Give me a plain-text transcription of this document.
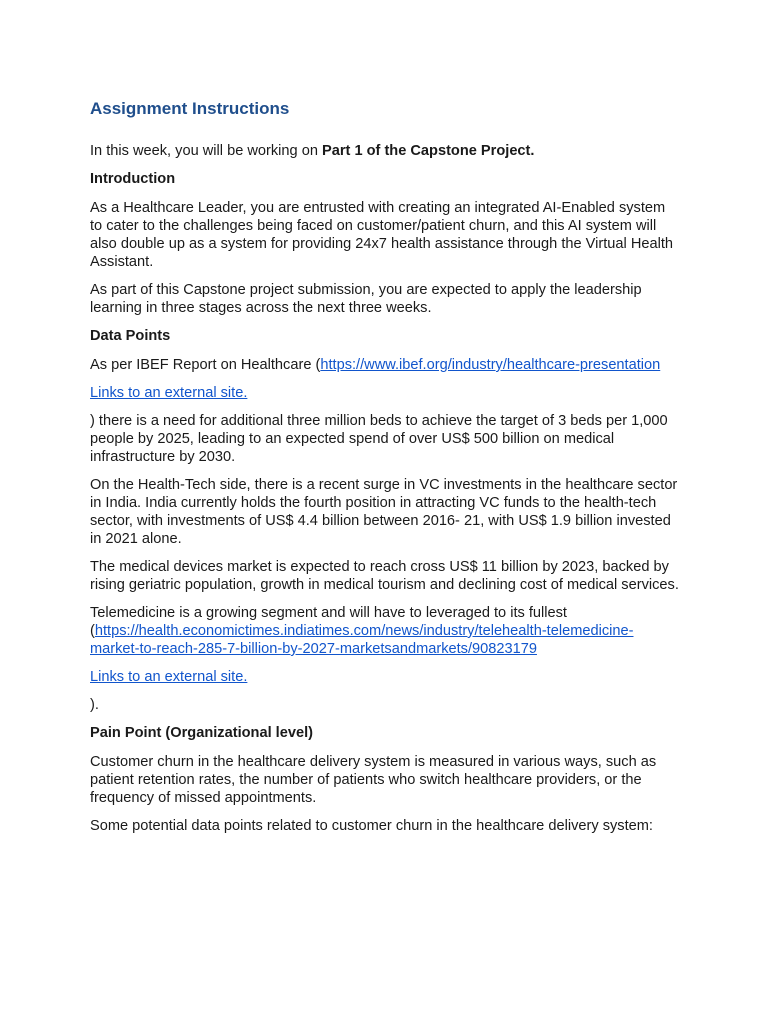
Assignment Instructions

In this week, you will be working on Part 1 of the Capstone Project.

Introduction

As a Healthcare Leader, you are entrusted with creating an integrated AI-Enabled system to cater to the challenges being faced on customer/patient churn, and this AI system will also double up as a system for providing 24x7 health assistance through the Virtual Health Assistant.

As part of this Capstone project submission, you are expected to apply the leadership learning in three stages across the next three weeks.

Data Points

As per IBEF Report on Healthcare (https://www.ibef.org/industry/healthcare-presentation

Links to an external site.

) there is a need for additional three million beds to achieve the target of 3 beds per 1,000 people by 2025, leading to an expected spend of over US$ 500 billion on medical infrastructure by 2030.

On the Health-Tech side, there is a recent surge in VC investments in the healthcare sector in India. India currently holds the fourth position in attracting VC funds to the health-tech sector, with investments of US$ 4.4 billion between 2016- 21, with US$ 1.9 billion invested in 2021 alone.

The medical devices market is expected to reach cross US$ 11 billion by 2023, backed by rising geriatric population, growth in medical tourism and declining cost of medical services.

Telemedicine is a growing segment and will have to leveraged to its fullest (https://health.economictimes.indiatimes.com/news/industry/telehealth-telemedicine-market-to-reach-285-7-billion-by-2027-marketsandmarkets/90823179

Links to an external site.

).

Pain Point (Organizational level)

Customer churn in the healthcare delivery system is measured in various ways, such as patient retention rates, the number of patients who switch healthcare providers, or the frequency of missed appointments.

Some potential data points related to customer churn in the healthcare delivery system:
